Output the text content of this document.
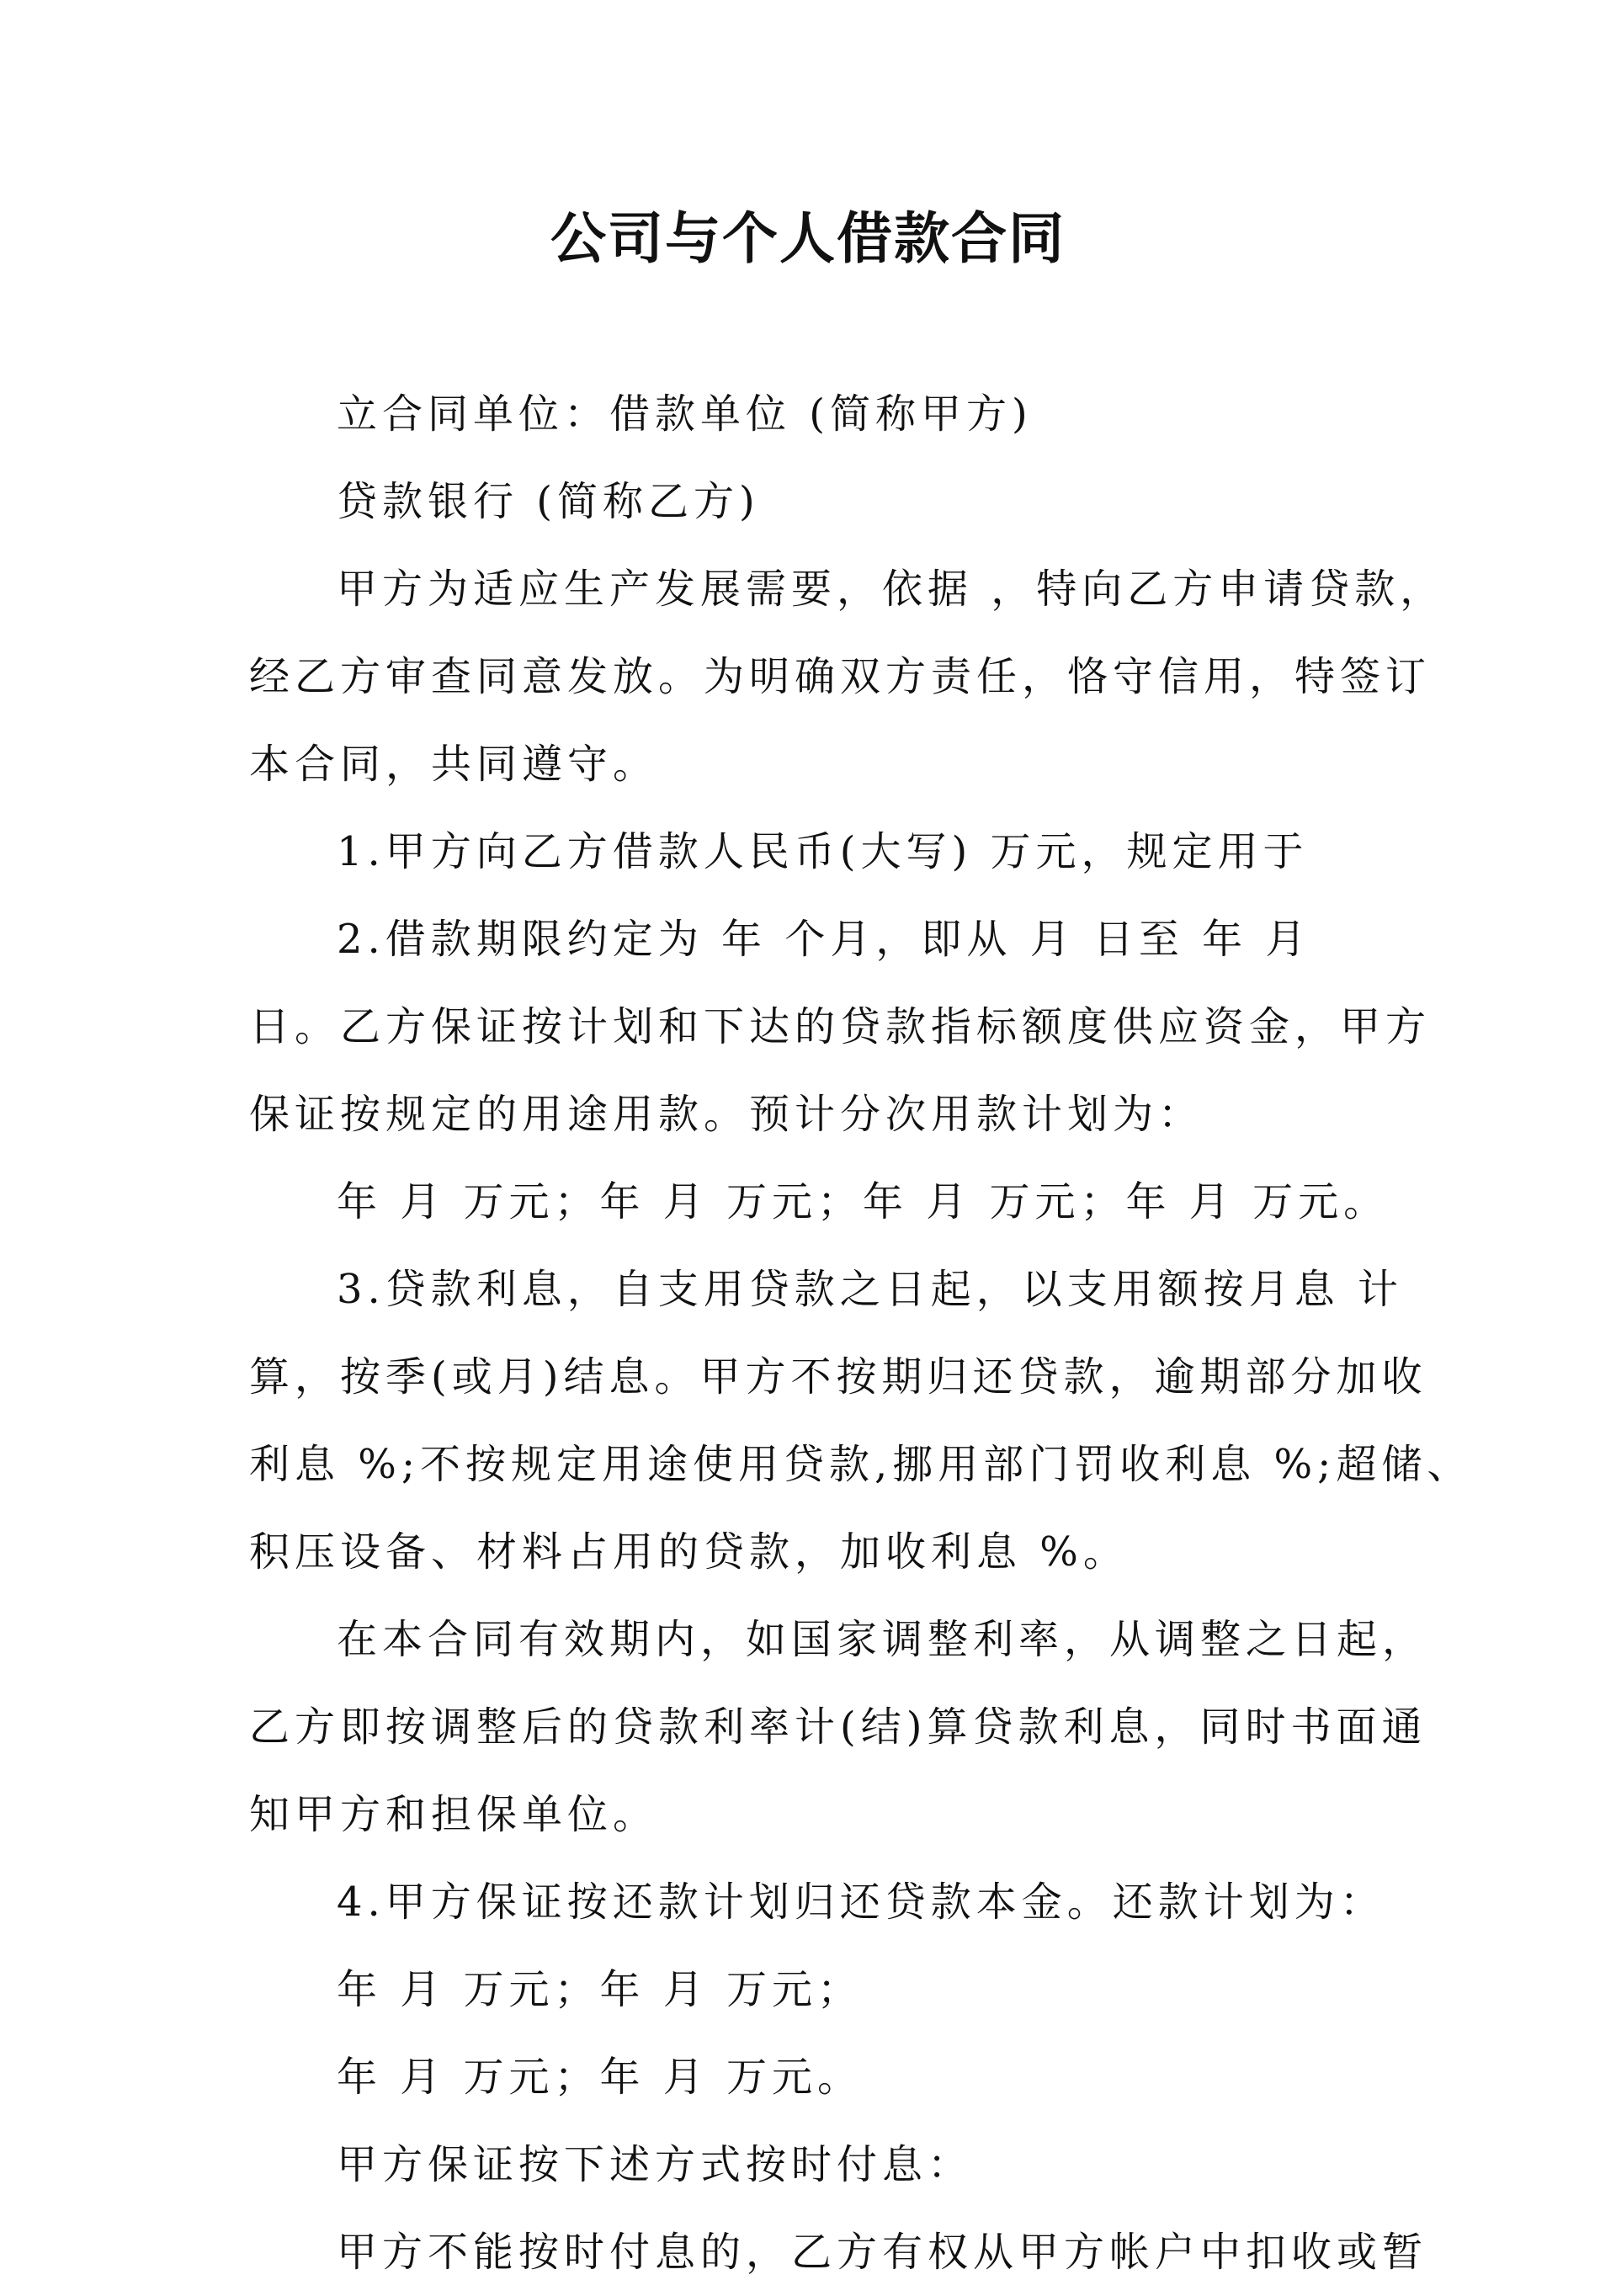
公司与个人借款合同

立合同单位：借款单位 (简称甲方)

贷款银行 (简称乙方)

甲方为适应生产发展需要，依据 ，特向乙方申请贷款，

经乙方审查同意发放。为明确双方责任，恪守信用，特签订

本合同，共同遵守。

1.甲方向乙方借款人民币(大写) 万元，规定用于

2.借款期限约定为 年 个月，即从 月 日至 年 月

日。乙方保证按计划和下达的贷款指标额度供应资金，甲方

保证按规定的用途用款。预计分次用款计划为：

年 月 万元；年 月 万元；年 月 万元；年 月 万元。

3.贷款利息，自支用贷款之日起，以支用额按月息 计

算，按季(或月)结息。甲方不按期归还贷款，逾期部分加收

利息 %;不按规定用途使用贷款,挪用部门罚收利息 %;超储、

积压设备、材料占用的贷款，加收利息 %。

在本合同有效期内，如国家调整利率，从调整之日起，

乙方即按调整后的贷款利率计(结)算贷款利息，同时书面通

知甲方和担保单位。

4.甲方保证按还款计划归还贷款本金。还款计划为：

年 月 万元；年 月 万元；

年 月 万元；年 月 万元。

甲方保证按下述方式按时付息：

甲方不能按时付息的，乙方有权从甲方帐户中扣收或暂
